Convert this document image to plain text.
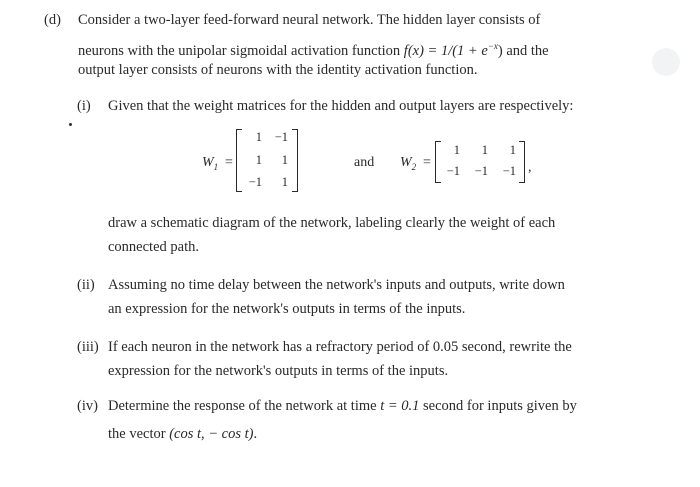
(d) Consider a two-layer feed-forward neural network. The hidden layer consists of
neurons with the unipolar sigmoidal activation function $f(x) = 1/(1 + e^{-x})$ and the
output layer consists of neurons with the identity activation function.
(i) Given that the weight matrices for the hidden and output layers are respectively:
$W_1$ =
1	−1
1	1
−1	1
and $W_2$ =
1	1	1
−1	−1	−1 ,
draw a schematic diagram of the network, labeling clearly the weight of each
connected path.
(ii) Assuming no time delay between the network's inputs and outputs, write down
an expression for the network's outputs in terms of the inputs.
(iii) If each neuron in the network has a refractory period of 0.05 second, rewrite the
expression for the network's outputs in terms of the inputs.
(iv) Determine the response of the network at time t = 0.1 second for inputs given by
the vector (cos t, − cos t).
